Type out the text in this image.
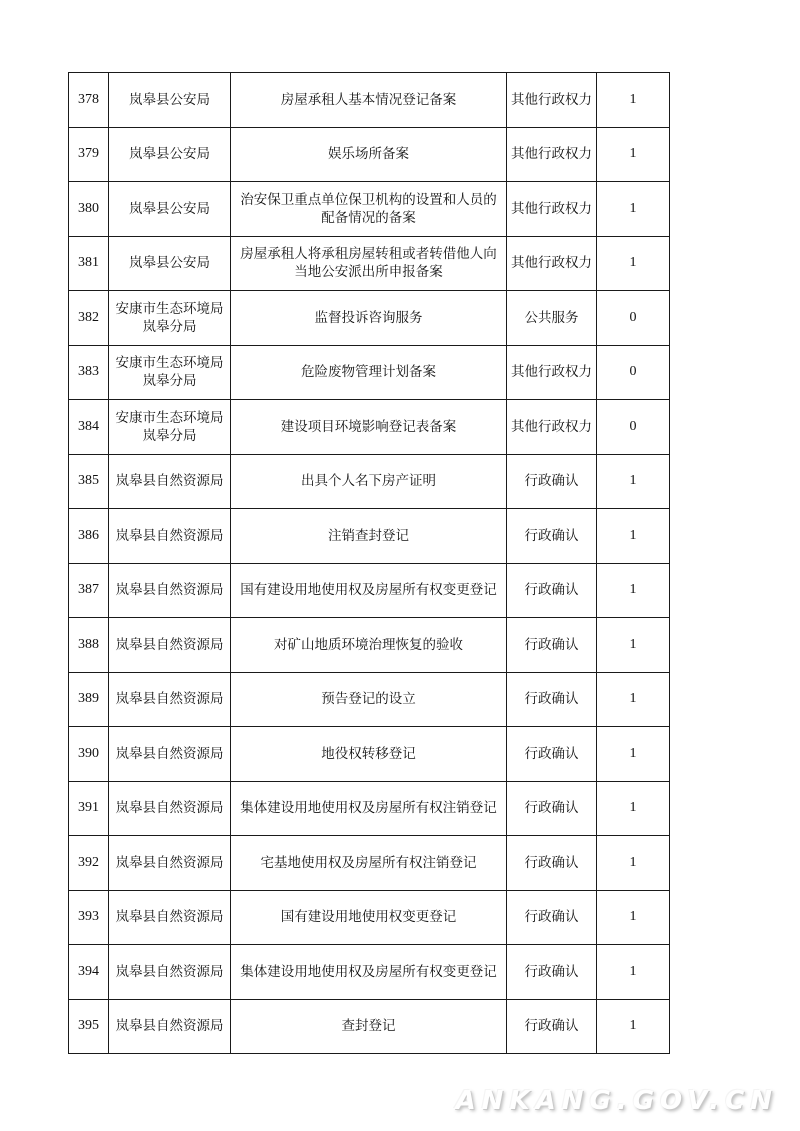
378	岚皋县公安局	房屋承租人基本情况登记备案	其他行政权力	1
379	岚皋县公安局	娱乐场所备案	其他行政权力	1
380	岚皋县公安局	治安保卫重点单位保卫机构的设置和人员的配备情况的备案	其他行政权力	1
381	岚皋县公安局	房屋承租人将承租房屋转租或者转借他人向当地公安派出所申报备案	其他行政权力	1
382	安康市生态环境局岚皋分局	监督投诉咨询服务	公共服务	0
383	安康市生态环境局岚皋分局	危险废物管理计划备案	其他行政权力	0
384	安康市生态环境局岚皋分局	建设项目环境影响登记表备案	其他行政权力	0
385	岚皋县自然资源局	出具个人名下房产证明	行政确认	1
386	岚皋县自然资源局	注销查封登记	行政确认	1
387	岚皋县自然资源局	国有建设用地使用权及房屋所有权变更登记	行政确认	1
388	岚皋县自然资源局	对矿山地质环境治理恢复的验收	行政确认	1
389	岚皋县自然资源局	预告登记的设立	行政确认	1
390	岚皋县自然资源局	地役权转移登记	行政确认	1
391	岚皋县自然资源局	集体建设用地使用权及房屋所有权注销登记	行政确认	1
392	岚皋县自然资源局	宅基地使用权及房屋所有权注销登记	行政确认	1
393	岚皋县自然资源局	国有建设用地使用权变更登记	行政确认	1
394	岚皋县自然资源局	集体建设用地使用权及房屋所有权变更登记	行政确认	1
395	岚皋县自然资源局	查封登记	行政确认	1
ANKANG.GOV.CN
